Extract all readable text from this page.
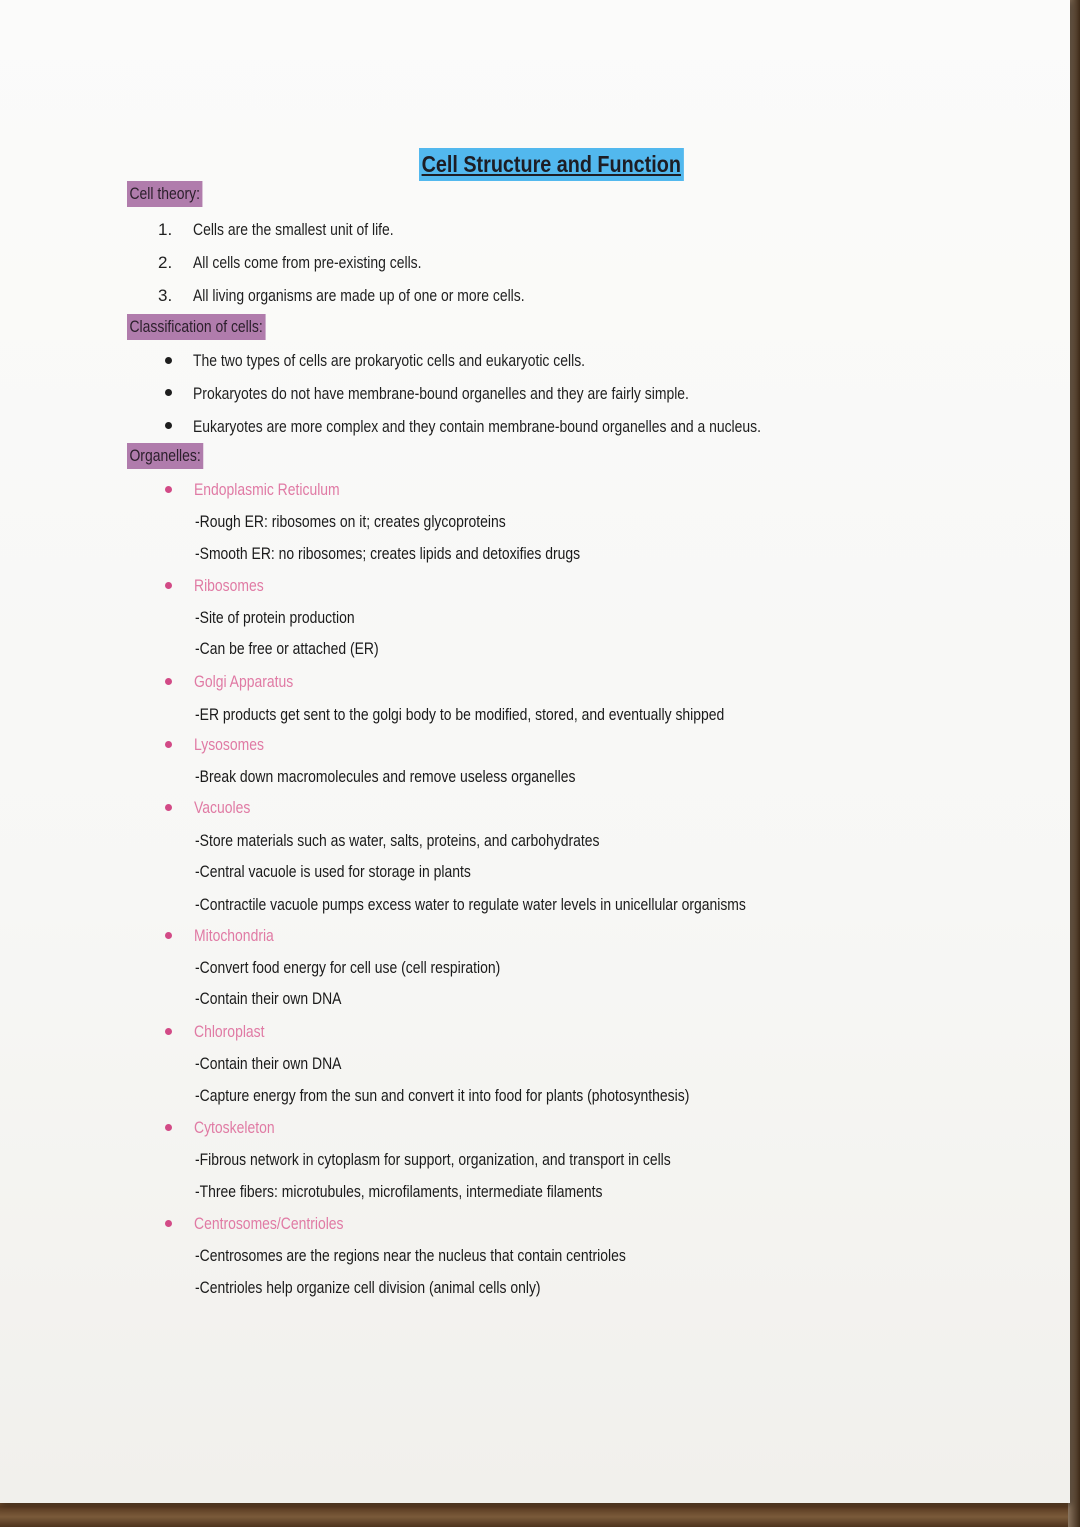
Cell Structure and Function
Cell theory:
1. Cells are the smallest unit of life.
2. All cells come from pre-existing cells.
3. All living organisms are made up of one or more cells.
Classification of cells:
The two types of cells are prokaryotic cells and eukaryotic cells.
Prokaryotes do not have membrane-bound organelles and they are fairly simple.
Eukaryotes are more complex and they contain membrane-bound organelles and a nucleus.
Organelles:
Endoplasmic Reticulum
-Rough ER: ribosomes on it; creates glycoproteins
-Smooth ER: no ribosomes; creates lipids and detoxifies drugs
Ribosomes
-Site of protein production
-Can be free or attached (ER)
Golgi Apparatus
-ER products get sent to the golgi body to be modified, stored, and eventually shipped
Lysosomes
-Break down macromolecules and remove useless organelles
Vacuoles
-Store materials such as water, salts, proteins, and carbohydrates
-Central vacuole is used for storage in plants
-Contractile vacuole pumps excess water to regulate water levels in unicellular organisms
Mitochondria
-Convert food energy for cell use (cell respiration)
-Contain their own DNA
Chloroplast
-Contain their own DNA
-Capture energy from the sun and convert it into food for plants (photosynthesis)
Cytoskeleton
-Fibrous network in cytoplasm for support, organization, and transport in cells
-Three fibers: microtubules, microfilaments, intermediate filaments
Centrosomes/Centrioles
-Centrosomes are the regions near the nucleus that contain centrioles
-Centrioles help organize cell division (animal cells only)
